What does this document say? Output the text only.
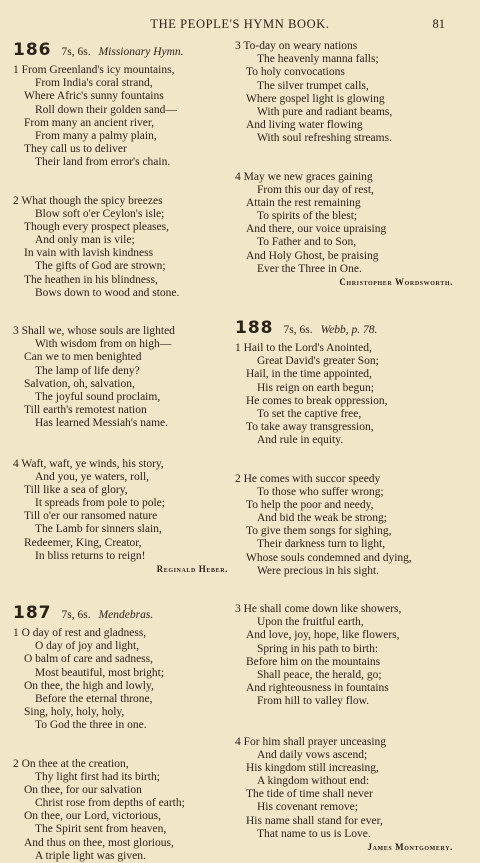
THE PEOPLE'S HYMN BOOK.	81
186 7s, 6s. Missionary Hymn.
1 From Greenland's icy mountains,
From India's coral strand,
Where Afric's sunny fountains
Roll down their golden sand—
From many an ancient river,
From many a palmy plain,
They call us to deliver
Their land from error's chain.
2 What though the spicy breezes
Blow soft o'er Ceylon's isle;
Though every prospect pleases,
And only man is vile;
In vain with lavish kindness
The gifts of God are strown;
The heathen in his blindness,
Bows down to wood and stone.
3 Shall we, whose souls are lighted
With wisdom from on high—
Can we to men benighted
The lamp of life deny?
Salvation, oh, salvation,
The joyful sound proclaim,
Till earth's remotest nation
Has learned Messiah's name.
4 Waft, waft, ye winds, his story,
And you, ye waters, roll,
Till like a sea of glory,
It spreads from pole to pole;
Till o'er our ransomed nature
The Lamb for sinners slain,
Redeemer, King, Creator,
In bliss returns to reign!
Reginald Heber.
187 7s, 6s. Mendebras.
1 O day of rest and gladness,
O day of joy and light,
O balm of care and sadness,
Most beautiful, most bright;
On thee, the high and lowly,
Before the eternal throne,
Sing, holy, holy, holy,
To God the three in one.
2 On thee at the creation,
Thy light first had its birth;
On thee, for our salvation
Christ rose from depths of earth;
On thee, our Lord, victorious,
The Spirit sent from heaven,
And thus on thee, most glorious,
A triple light was given.
3 To-day on weary nations
The heavenly manna falls;
To holy convocations
The silver trumpet calls,
Where gospel light is glowing
With pure and radiant beams,
And living water flowing
With soul refreshing streams.
4 May we new graces gaining
From this our day of rest,
Attain the rest remaining
To spirits of the blest;
And there, our voice upraising
To Father and to Son,
And Holy Ghost, be praising
Ever the Three in One.
Christopher Wordsworth.
188 7s, 6s. Webb, p. 78.
1 Hail to the Lord's Anointed,
Great David's greater Son;
Hail, in the time appointed,
His reign on earth begun;
He comes to break oppression,
To set the captive free,
To take away transgression,
And rule in equity.
2 He comes with succor speedy
To those who suffer wrong;
To help the poor and needy,
And bid the weak be strong;
To give them songs for sighing,
Their darkness turn to light,
Whose souls condemned and dying,
Were precious in his sight.
3 He shall come down like showers,
Upon the fruitful earth,
And love, joy, hope, like flowers,
Spring in his path to birth:
Before him on the mountains
Shall peace, the herald, go;
And righteousness in fountains
From hill to valley flow.
4 For him shall prayer unceasing
And daily vows ascend;
His kingdom still increasing,
A kingdom without end:
The tide of time shall never
His covenant remove;
His name shall stand for ever,
That name to us is Love.
James Montgomery.
